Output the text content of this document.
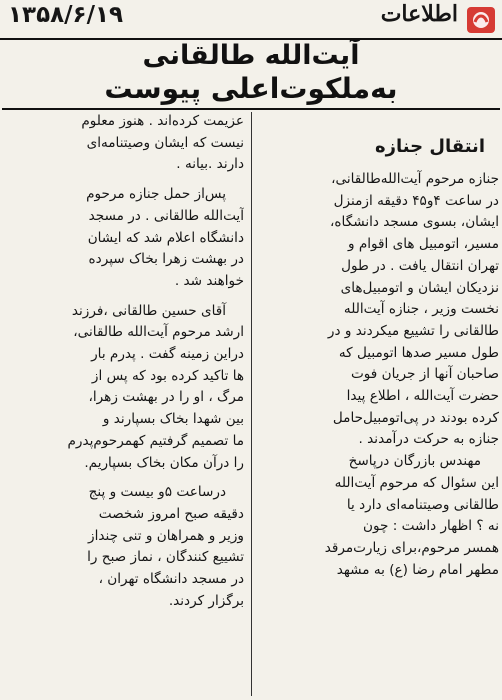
۱۳۵۸/۶/۱۹	اطلاعات
آیت‌الله طالقانی
به‌ملکوت‌اعلی پیوست
عزیمت کرده‌اند . هنوز معلوم
نیست که ایشان وصیتنامه‌ای
دارند .بیانه .
پس‌از حمل جنازه مرحوم
آیت‌الله طالقانی . در مسجد
دانشگاه اعلام شد که ایشان
در بهشت زهرا بخاک سپرده
خواهند شد .
آقای حسین طالقانی ،فرزند
ارشد مرحوم آیت‌الله طالقانی،
دراین زمینه گفت . پدرم بار
ها تاکید کرده بود که پس از
مرگ ، او را در بهشت زهرا،
بین شهدا بخاک بسپارند و
ما تصمیم گرفتیم کهمرحوم‌پدرم
را درآن مکان بخاک بسپاریم.
درساعت ۵و بیست و پنج
دقیقه صبح امروز شخصت
وزیر و همراهان و تنی چنداز
تشییع کنندگان ، نماز صبح را
در مسجد دانشگاه تهران ،
برگزار کردند.
انتقال جنازه
جنازه مرحوم آیت‌الله‌طالقانی،
در ساعت ۴و۴۵ دقیقه ازمنزل
ایشان، بسوی مسجد دانشگاه،
مسیر، اتومبیل های اقوام و
تهران انتقال یافت . در طول
نزدیکان ایشان و اتومبیل‌های
نخست وزیر ، جنازه آیت‌الله
طالقانی را تشییع میکردند و در
طول مسیر صدها اتومبیل که
صاحبان آنها از جریان فوت
حضرت آیت‌الله ، اطلاع پیدا
کرده بودند در پی‌اتومبیل‌حامل
جنازه به حرکت درآمدند .
مهندس بازرگان درپاسخ
این سئوال که مرحوم آیت‌الله
طالقانی وصیتنامه‌ای دارد یا
نه ؟ اظهار داشت : چون
همسر مرحوم،برای زیارت‌مرقد
مطهر امام رضا (ع) به مشهد
